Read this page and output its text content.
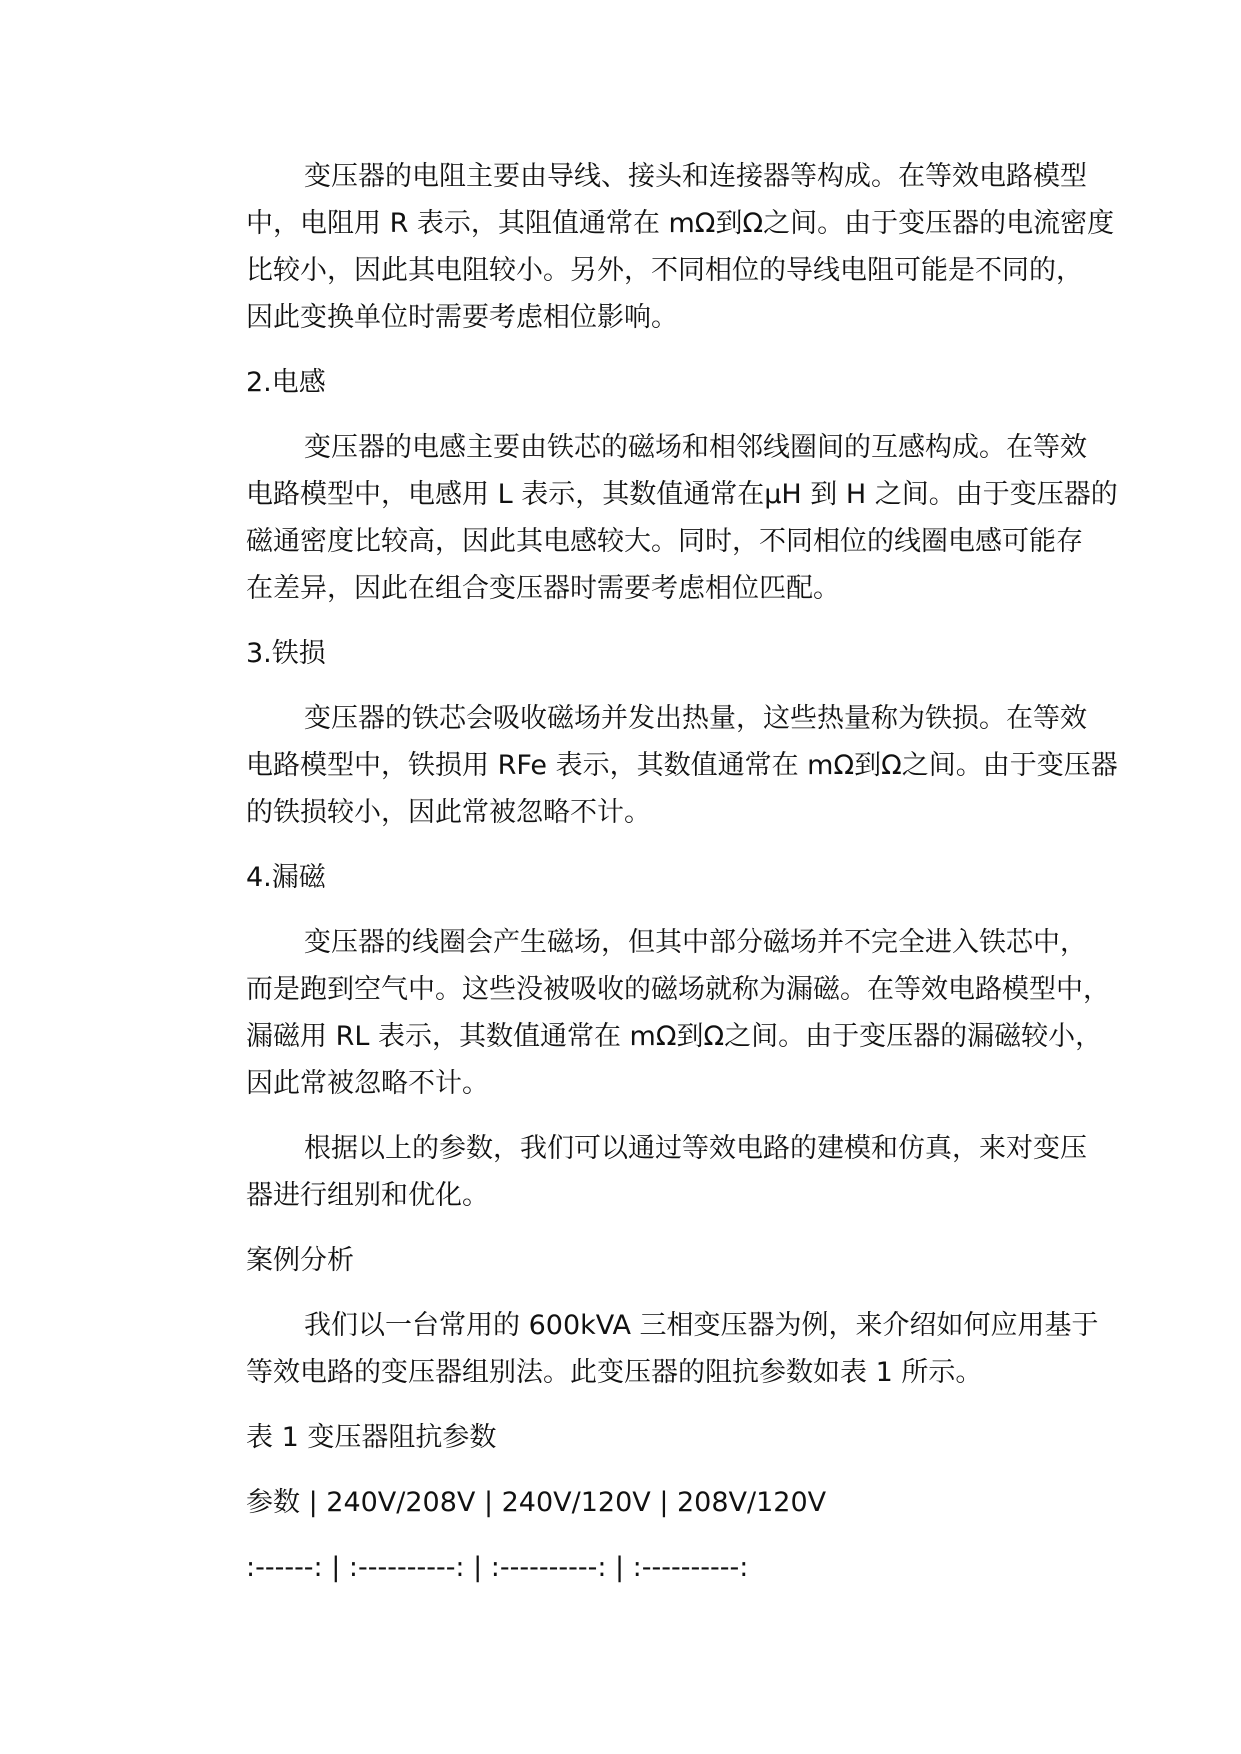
变压器的电阻主要由导线、接头和连接器等构成。在等效电路模型
中，电阻用 R 表示，其阻值通常在 mΩ到Ω之间。由于变压器的电流密度
比较小，因此其电阻较小。另外，不同相位的导线电阻可能是不同的，
因此变换单位时需要考虑相位影响。

2.电感

变压器的电感主要由铁芯的磁场和相邻线圈间的互感构成。在等效
电路模型中，电感用 L 表示，其数值通常在μH 到 H 之间。由于变压器的
磁通密度比较高，因此其电感较大。同时，不同相位的线圈电感可能存
在差异，因此在组合变压器时需要考虑相位匹配。

3.铁损

变压器的铁芯会吸收磁场并发出热量，这些热量称为铁损。在等效
电路模型中，铁损用 RFe 表示，其数值通常在 mΩ到Ω之间。由于变压器
的铁损较小，因此常被忽略不计。

4.漏磁

变压器的线圈会产生磁场，但其中部分磁场并不完全进入铁芯中，
而是跑到空气中。这些没被吸收的磁场就称为漏磁。在等效电路模型中，
漏磁用 RL 表示，其数值通常在 mΩ到Ω之间。由于变压器的漏磁较小，
因此常被忽略不计。

根据以上的参数，我们可以通过等效电路的建模和仿真，来对变压
器进行组别和优化。

案例分析

我们以一台常用的 600kVA 三相变压器为例，来介绍如何应用基于
等效电路的变压器组别法。此变压器的阻抗参数如表 1 所示。

表 1 变压器阻抗参数

参数 | 240V/208V | 240V/120V | 208V/120V

:------: | :----------: | :----------: | :----------:
